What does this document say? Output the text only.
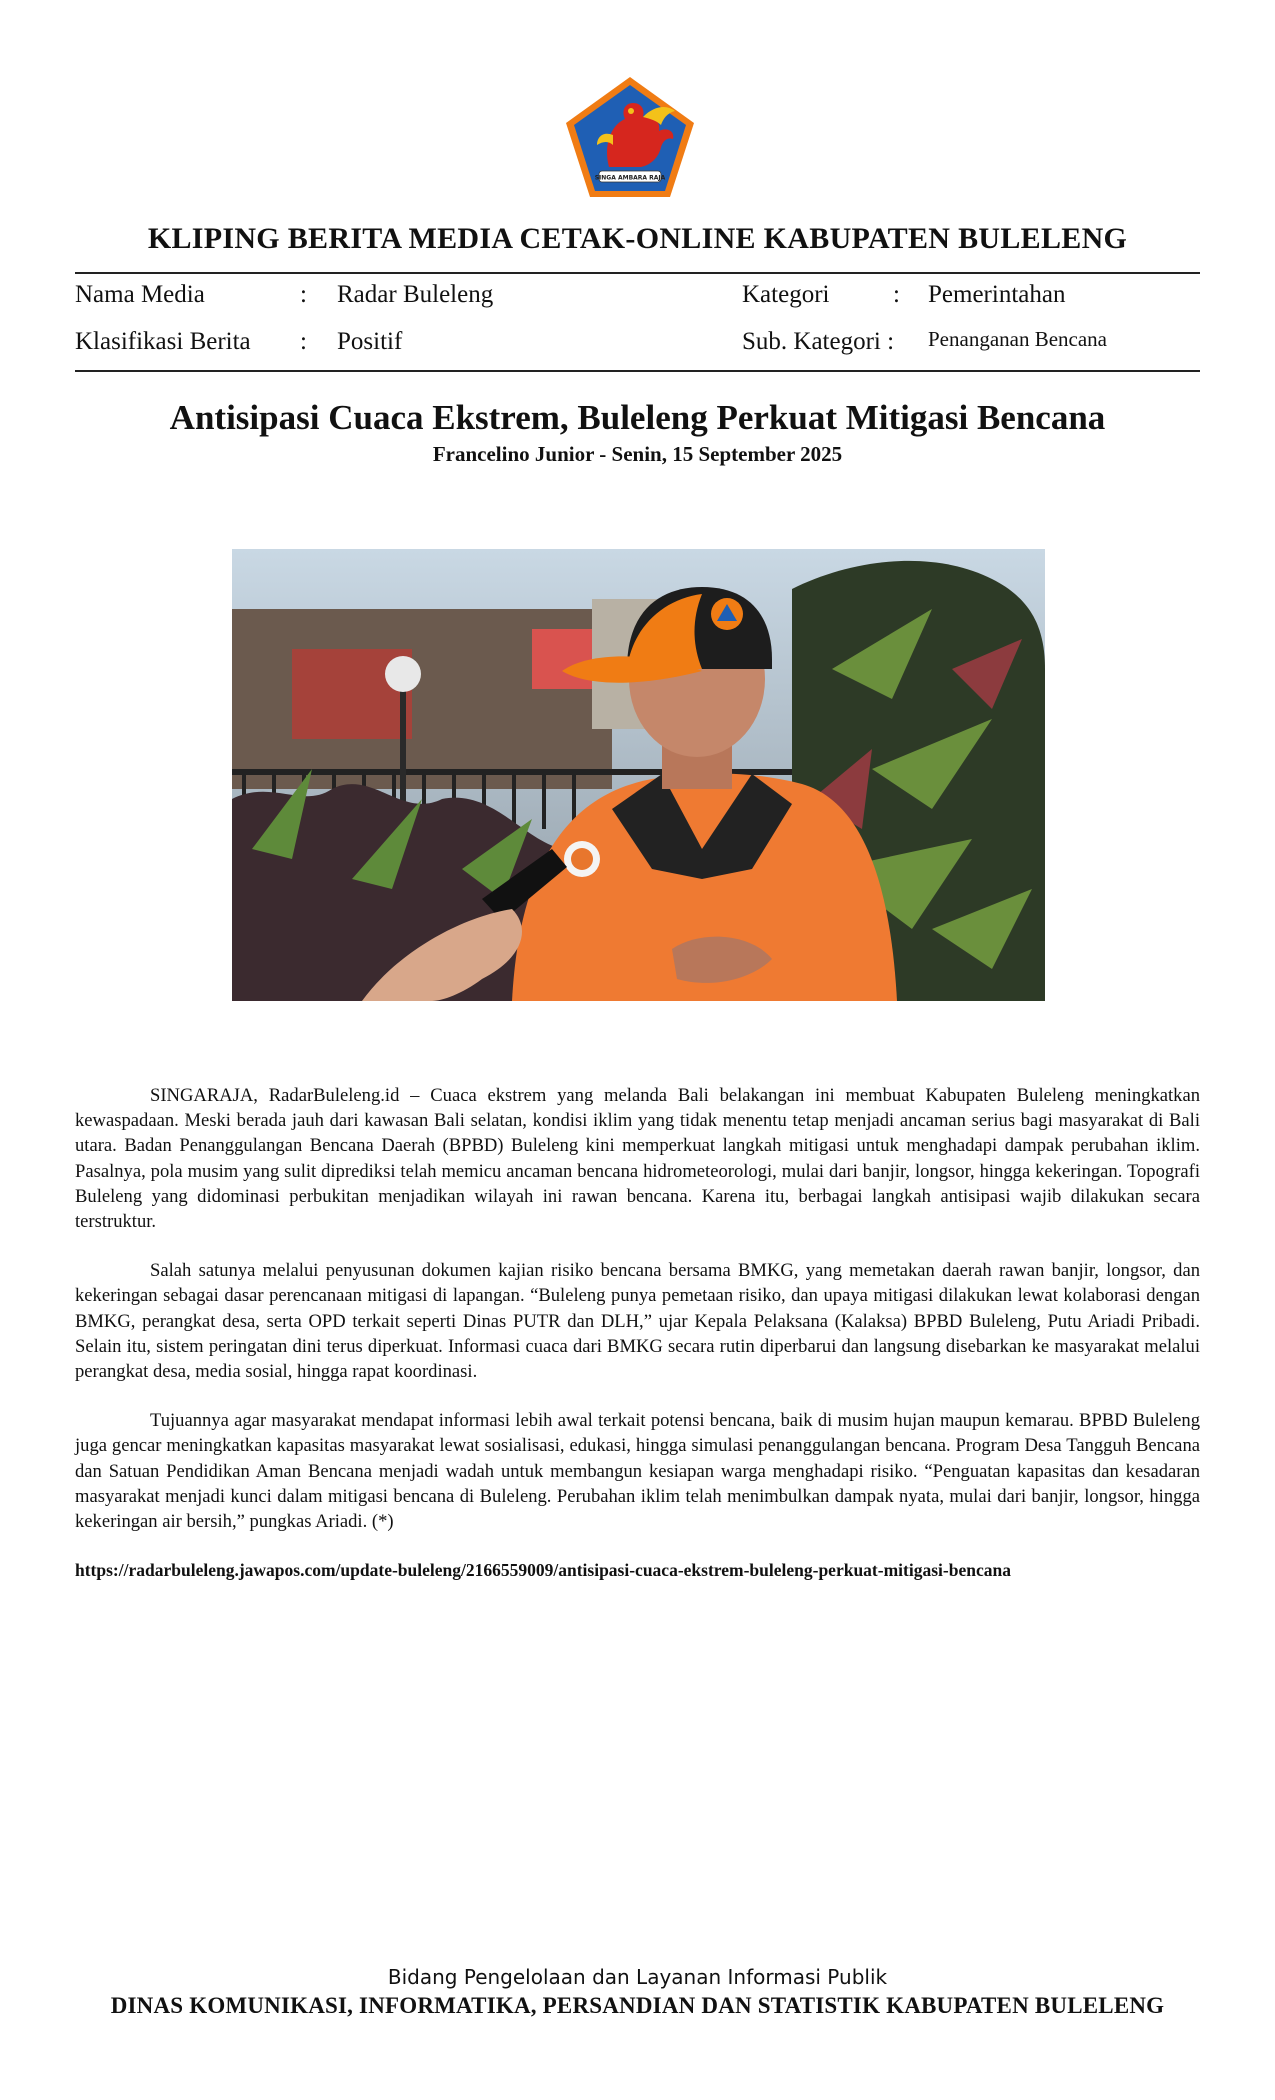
SINGA AMBARA RAJA
KLIPING BERITA MEDIA CETAK-ONLINE KABUPATEN BULELENG
Nama Media	: Radar Buleleng	Kategori	: Pemerintahan
Klasifikasi Berita : Positif	Sub. Kategori : Penanganan Bencana
Antisipasi Cuaca Ekstrem, Buleleng Perkuat Mitigasi Bencana
Francelino Junior - Senin, 15 September 2025

SINGARAJA, RadarBuleleng.id – Cuaca ekstrem yang melanda Bali belakangan ini membuat Kabupaten Buleleng meningkatkan kewaspadaan. Meski berada jauh dari kawasan Bali selatan, kondisi iklim yang tidak menentu tetap menjadi ancaman serius bagi masyarakat di Bali utara. Badan Penanggulangan Bencana Daerah (BPBD) Buleleng kini memperkuat langkah mitigasi untuk menghadapi dampak perubahan iklim. Pasalnya, pola musim yang sulit diprediksi telah memicu ancaman bencana hidrometeorologi, mulai dari banjir, longsor, hingga kekeringan. Topografi Buleleng yang didominasi perbukitan menjadikan wilayah ini rawan bencana. Karena itu, berbagai langkah antisipasi wajib dilakukan secara terstruktur.

Salah satunya melalui penyusunan dokumen kajian risiko bencana bersama BMKG, yang memetakan daerah rawan banjir, longsor, dan kekeringan sebagai dasar perencanaan mitigasi di lapangan. “Buleleng punya pemetaan risiko, dan upaya mitigasi dilakukan lewat kolaborasi dengan BMKG, perangkat desa, serta OPD terkait seperti Dinas PUTR dan DLH,” ujar Kepala Pelaksana (Kalaksa) BPBD Buleleng, Putu Ariadi Pribadi. Selain itu, sistem peringatan dini terus diperkuat. Informasi cuaca dari BMKG secara rutin diperbarui dan langsung disebarkan ke masyarakat melalui perangkat desa, media sosial, hingga rapat koordinasi.

Tujuannya agar masyarakat mendapat informasi lebih awal terkait potensi bencana, baik di musim hujan maupun kemarau. BPBD Buleleng juga gencar meningkatkan kapasitas masyarakat lewat sosialisasi, edukasi, hingga simulasi penanggulangan bencana. Program Desa Tangguh Bencana dan Satuan Pendidikan Aman Bencana menjadi wadah untuk membangun kesiapan warga menghadapi risiko. “Penguatan kapasitas dan kesadaran masyarakat menjadi kunci dalam mitigasi bencana di Buleleng. Perubahan iklim telah menimbulkan dampak nyata, mulai dari banjir, longsor, hingga kekeringan air bersih,” pungkas Ariadi. (*)

https://radarbuleleng.jawapos.com/update-buleleng/2166559009/antisipasi-cuaca-ekstrem-buleleng-perkuat-mitigasi-bencana
Bidang Pengelolaan dan Layanan Informasi Publik
DINAS KOMUNIKASI, INFORMATIKA, PERSANDIAN DAN STATISTIK KABUPATEN BULELENG
